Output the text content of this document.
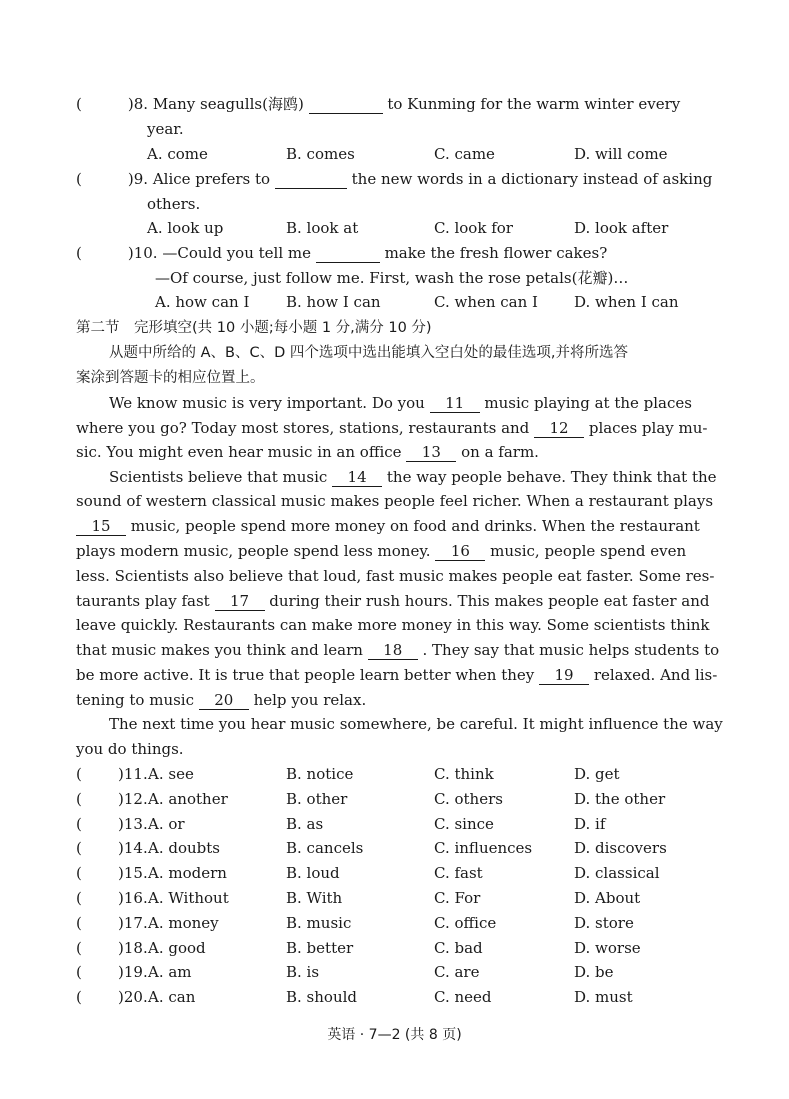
(	)8. Many seagulls(海鸥)	to Kunming for the warm winter every
year.
A. come	B. comes	C. came	D. will come
(	)9. Alice prefers to	the new words in a dictionary instead of asking
others.
A. look up	B. look at	C. look for	D. look after
(	)10. —Could you tell me	make the fresh flower cakes?
—Of course, just follow me. First, wash the rose petals(花瓣)…
A. how can I B. how I can	C. when can I D. when I can
第二节　完形填空(共 10 小题;每小题 1 分,满分 10 分)
从题中所给的 A、B、C、D 四个选项中选出能填入空白处的最佳选项,并将所选答
案涂到答题卡的相应位置上。
We know music is very important. Do you 11 music playing at the places
where you go? Today most stores, stations, restaurants and 12 places play mu-
sic. You might even hear music in an office 13 on a farm.
Scientists believe that music 14 the way people behave. They think that the
sound of western classical music makes people feel richer. When a restaurant plays
15 music, people spend more money on food and drinks. When the restaurant
plays modern music, people spend less money. 16 music, people spend even
less. Scientists also believe that loud, fast music makes people eat faster. Some res-
taurants play fast 17 during their rush hours. This makes people eat faster and
leave quickly. Restaurants can make more money in this way. Some scientists think
that music makes you think and learn 18 . They say that music helps students to
be more active. It is true that people learn better when they 19 relaxed. And lis-
tening to music 20 help you relax.
The next time you hear music somewhere, be careful. It might influence the way
you do things.
( )11. A. see	B. notice	C. think	D. get
( )12. A. another	B. other	C. others	D. the other
( )13. A. or	B. as	C. since	D. if
( )14. A. doubts	B. cancels	C. influences	D. discovers
( )15. A. modern	B. loud	C. fast	D. classical
( )16. A. Without	B. With	C. For	D. About
( )17. A. money	B. music	C. office	D. store
( )18. A. good	B. better	C. bad	D. worse
( )19. A. am	B. is	C. are	D. be
( )20. A. can	B. should	C. need	D. must
英语 · 7—2 (共 8 页)
